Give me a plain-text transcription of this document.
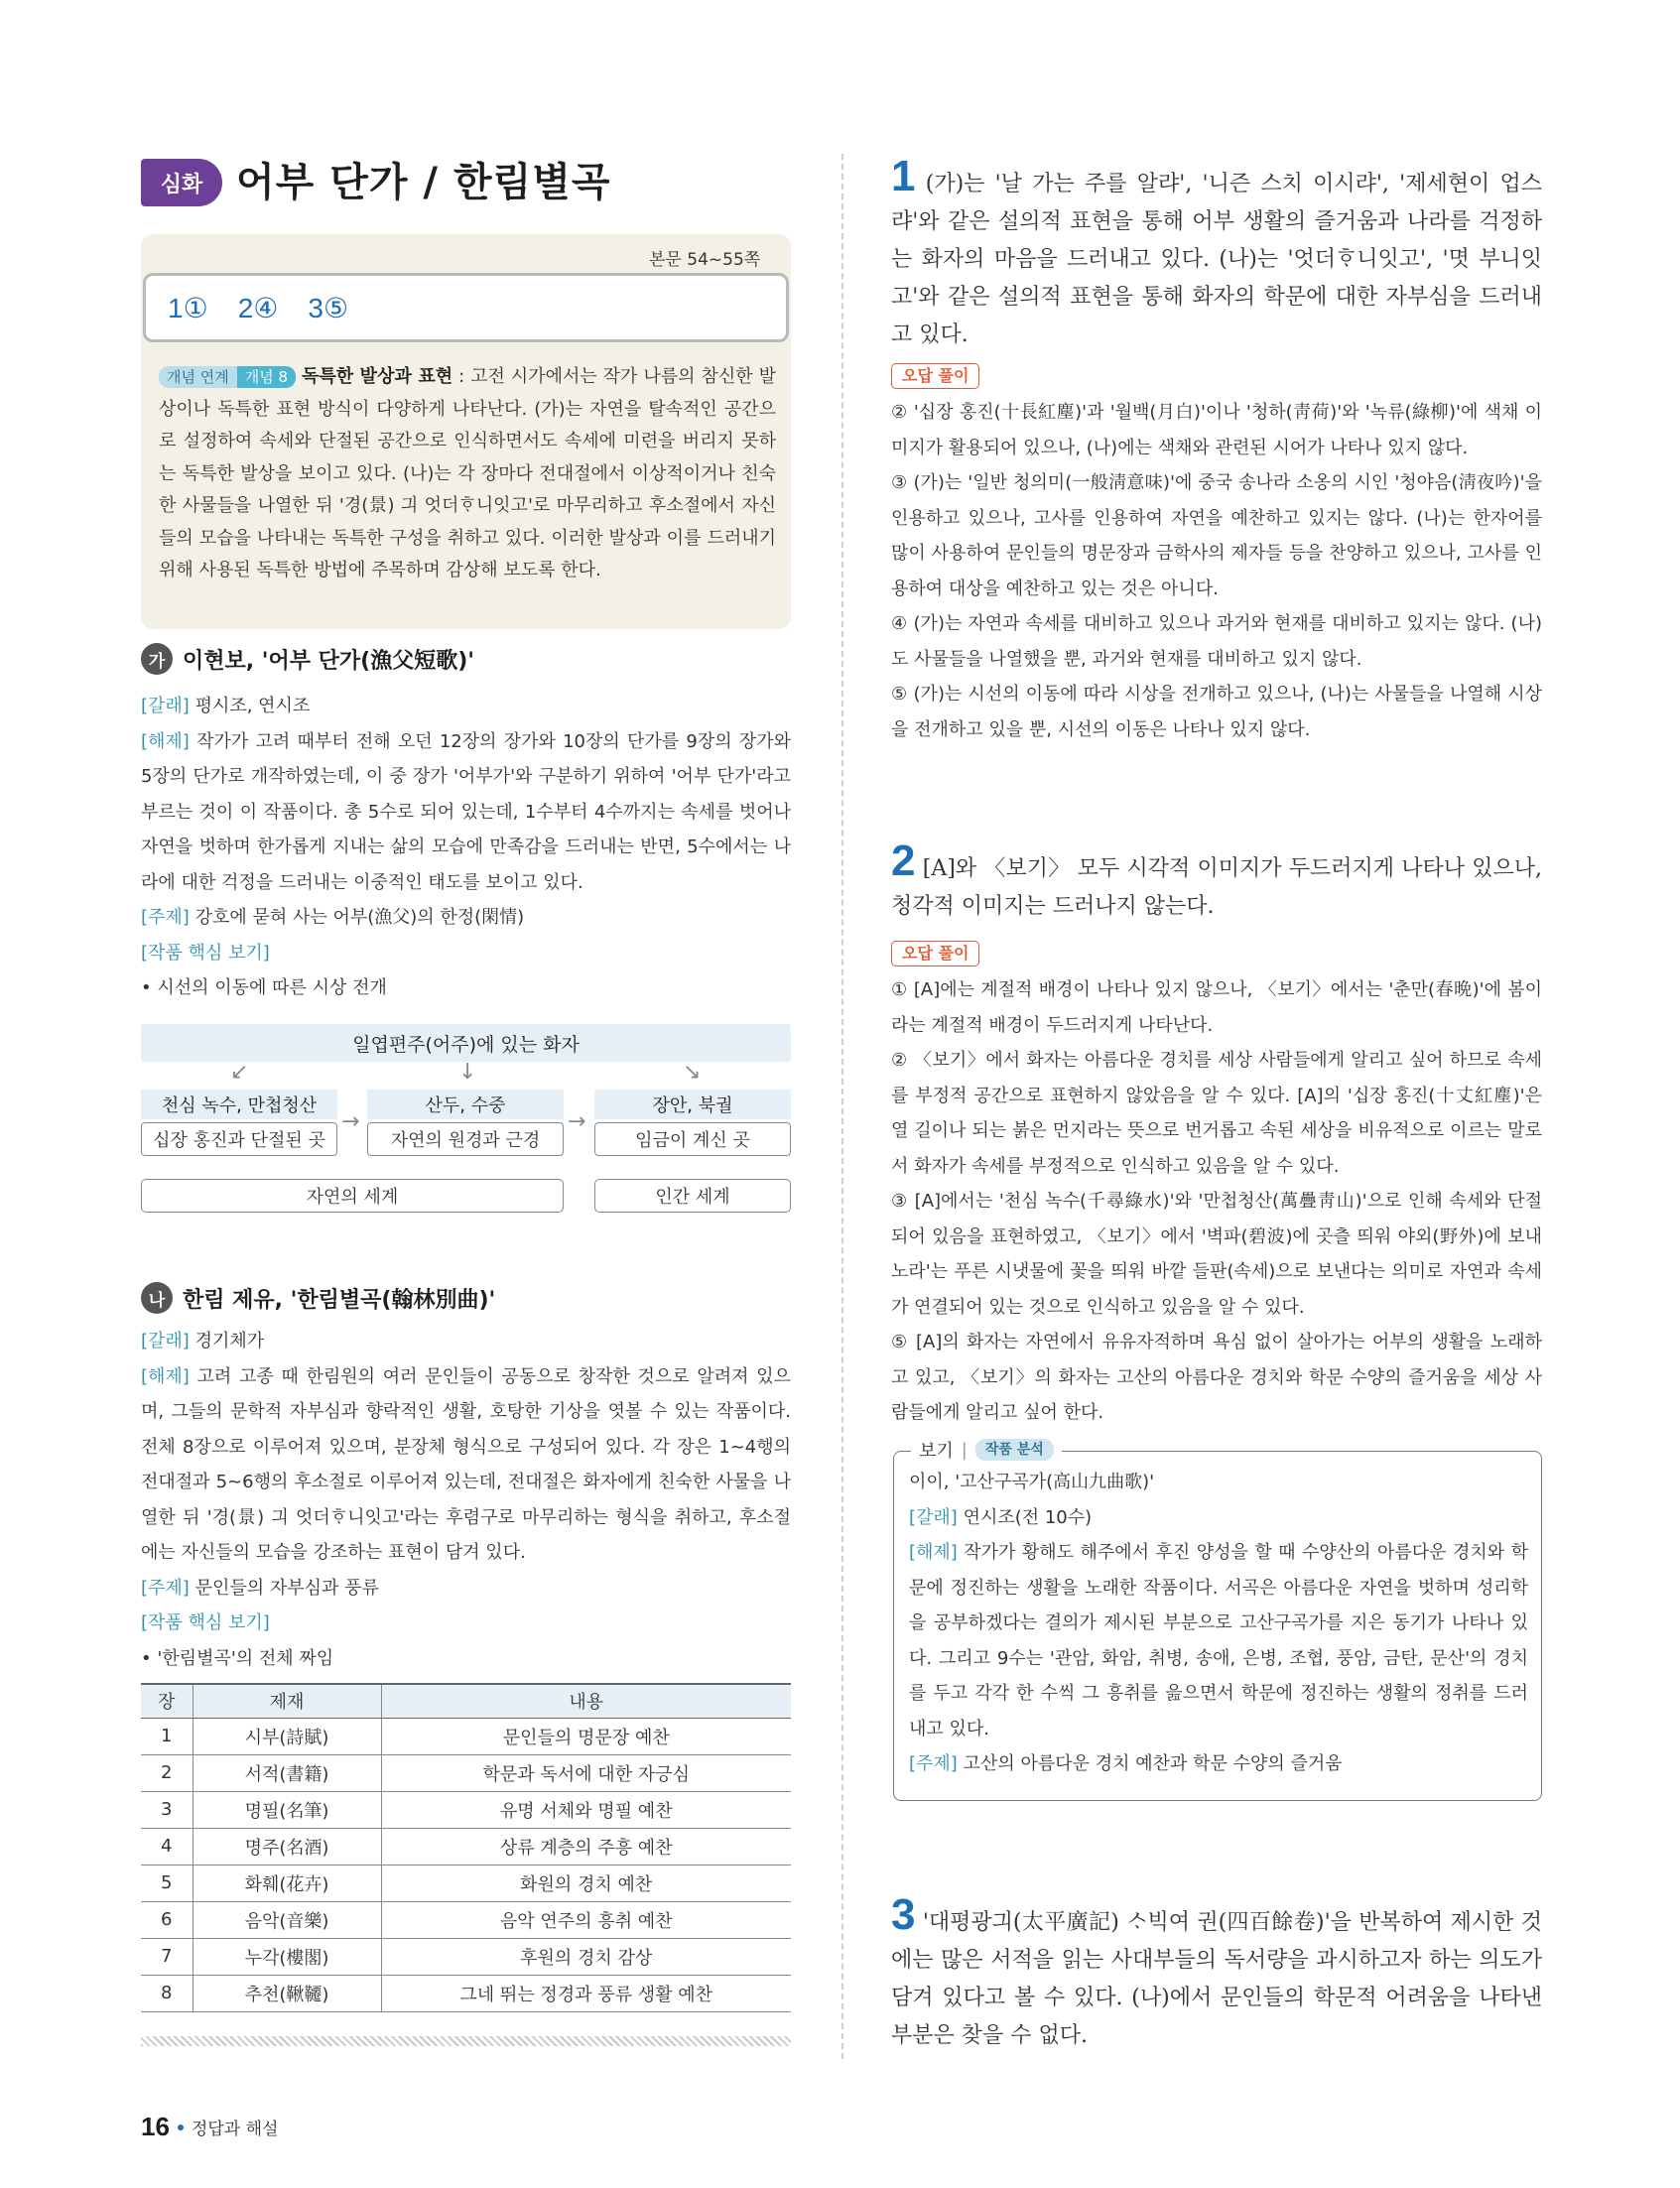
심화 어부 단가 / 한림별곡
본문 54~55쪽
1① 2④ 3⑤
개념 연계 개념 8 독특한 발상과 표현 : 고전 시가에서는 작가 나름의 참신한 발상이나 독특한 표현 방식이 다양하게 나타난다. (가)는 자연을 탈속적인 공간으로 설정하여 속세와 단절된 공간으로 인식하면서도 속세에 미련을 버리지 못하는 독특한 발상을 보이고 있다. (나)는 각 장마다 전대절에서 이상적이거나 친숙한 사물들을 나열한 뒤 '경(景) 긔 엇더ᄒᆞ니잇고'로 마무리하고 후소절에서 자신들의 모습을 나타내는 독특한 구성을 취하고 있다. 이러한 발상과 이를 드러내기 위해 사용된 독특한 방법에 주목하며 감상해 보도록 한다.
가 이현보, '어부 단가(漁父短歌)'
[갈래] 평시조, 연시조
[해제] 작가가 고려 때부터 전해 오던 12장의 장가와 10장의 단가를 9장의 장가와 5장의 단가로 개작하였는데, 이 중 장가 '어부가'와 구분하기 위하여 '어부 단가'라고 부르는 것이 이 작품이다. 총 5수로 되어 있는데, 1수부터 4수까지는 속세를 벗어나 자연을 벗하며 한가롭게 지내는 삶의 모습에 만족감을 드러내는 반면, 5수에서는 나라에 대한 걱정을 드러내는 이중적인 태도를 보이고 있다.
[주제] 강호에 묻혀 사는 어부(漁父)의 한정(閑情)
[작품 핵심 보기]
• 시선의 이동에 따른 시상 전개
일엽편주(어주)에 있는 화자
↙	↓	↘
천심 녹수, 만첩청산
십장 홍진과 단절된 곳
→
산두, 수중
자연의 원경과 근경
→
장안, 북궐
임금이 계신 곳
자연의 세계	인간 세계
나 한림 제유, '한림별곡(翰林別曲)'
[갈래] 경기체가
[해제] 고려 고종 때 한림원의 여러 문인들이 공동으로 창작한 것으로 알려져 있으며, 그들의 문학적 자부심과 향락적인 생활, 호탕한 기상을 엿볼 수 있는 작품이다. 전체 8장으로 이루어져 있으며, 분장체 형식으로 구성되어 있다. 각 장은 1~4행의 전대절과 5~6행의 후소절로 이루어져 있는데, 전대절은 화자에게 친숙한 사물을 나열한 뒤 '경(景) 긔 엇더ᄒᆞ니잇고'라는 후렴구로 마무리하는 형식을 취하고, 후소절에는 자신들의 모습을 강조하는 표현이 담겨 있다.
[주제] 문인들의 자부심과 풍류
[작품 핵심 보기]
• '한림별곡'의 전체 짜임
장	제재	내용
1	시부(詩賦)	문인들의 명문장 예찬
2	서적(書籍)	학문과 독서에 대한 자긍심
3	명필(名筆)	유명 서체와 명필 예찬
4	명주(名酒)	상류 계층의 주흥 예찬
5	화훼(花卉)	화원의 경치 예찬
6	음악(音樂)	음악 연주의 흥취 예찬
7	누각(樓閣)	후원의 경치 감상
8	추천(鞦韆)	그네 뛰는 정경과 풍류 생활 예찬
1 (가)는 '날 가는 주를 알랴', '니즌 스치 이시랴', '제세현이 업스랴'와 같은 설의적 표현을 통해 어부 생활의 즐거움과 나라를 걱정하는 화자의 마음을 드러내고 있다. (나)는 '엇더ᄒᆞ니잇고', '몃 부니잇고'와 같은 설의적 표현을 통해 화자의 학문에 대한 자부심을 드러내고 있다.
오답 풀이
② '십장 홍진(十長紅塵)'과 '월백(月白)'이나 '청하(靑荷)'와 '녹류(綠柳)'에 색채 이미지가 활용되어 있으나, (나)에는 색채와 관련된 시어가 나타나 있지 않다.
③ (가)는 '일반 청의미(一般淸意味)'에 중국 송나라 소옹의 시인 '청야음(淸夜吟)'을 인용하고 있으나, 고사를 인용하여 자연을 예찬하고 있지는 않다. (나)는 한자어를 많이 사용하여 문인들의 명문장과 금학사의 제자들 등을 찬양하고 있으나, 고사를 인용하여 대상을 예찬하고 있는 것은 아니다.
④ (가)는 자연과 속세를 대비하고 있으나 과거와 현재를 대비하고 있지는 않다. (나)도 사물들을 나열했을 뿐, 과거와 현재를 대비하고 있지 않다.
⑤ (가)는 시선의 이동에 따라 시상을 전개하고 있으나, (나)는 사물들을 나열해 시상을 전개하고 있을 뿐, 시선의 이동은 나타나 있지 않다.
2 [A]와 〈보기〉 모두 시각적 이미지가 두드러지게 나타나 있으나, 청각적 이미지는 드러나지 않는다.
오답 풀이
① [A]에는 계절적 배경이 나타나 있지 않으나, 〈보기〉에서는 '춘만(春晩)'에 봄이라는 계절적 배경이 두드러지게 나타난다.
② 〈보기〉에서 화자는 아름다운 경치를 세상 사람들에게 알리고 싶어 하므로 속세를 부정적 공간으로 표현하지 않았음을 알 수 있다. [A]의 '십장 홍진(十丈紅塵)'은 열 길이나 되는 붉은 먼지라는 뜻으로 번거롭고 속된 세상을 비유적으로 이르는 말로서 화자가 속세를 부정적으로 인식하고 있음을 알 수 있다.
③ [A]에서는 '천심 녹수(千尋綠水)'와 '만첩청산(萬疊靑山)'으로 인해 속세와 단절되어 있음을 표현하였고, 〈보기〉에서 '벽파(碧波)에 곳츨 띄워 야외(野外)에 보내노라'는 푸른 시냇물에 꽃을 띄워 바깥 들판(속세)으로 보낸다는 의미로 자연과 속세가 연결되어 있는 것으로 인식하고 있음을 알 수 있다.
⑤ [A]의 화자는 자연에서 유유자적하며 욕심 없이 살아가는 어부의 생활을 노래하고 있고, 〈보기〉의 화자는 고산의 아름다운 경치와 학문 수양의 즐거움을 세상 사람들에게 알리고 싶어 한다.
보기 |	작품 분석
이이, '고산구곡가(高山九曲歌)'
[갈래] 연시조(전 10수)
[해제] 작가가 황해도 해주에서 후진 양성을 할 때 수양산의 아름다운 경치와 학문에 정진하는 생활을 노래한 작품이다. 서곡은 아름다운 자연을 벗하며 성리학을 공부하겠다는 결의가 제시된 부분으로 고산구곡가를 지은 동기가 나타나 있다. 그리고 9수는 '관암, 화암, 취병, 송애, 은병, 조협, 풍암, 금탄, 문산'의 경치를 두고 각각 한 수씩 그 흥취를 읊으면서 학문에 정진하는 생활의 정취를 드러내고 있다.
[주제] 고산의 아름다운 경치 예찬과 학문 수양의 즐거움
3 '대평광긔(太平廣記) ᄉᆞ빅여 권(四百餘卷)'을 반복하여 제시한 것에는 많은 서적을 읽는 사대부들의 독서량을 과시하고자 하는 의도가 담겨 있다고 볼 수 있다. (나)에서 문인들의 학문적 어려움을 나타낸 부분은 찾을 수 없다.
16 정답과 해설
